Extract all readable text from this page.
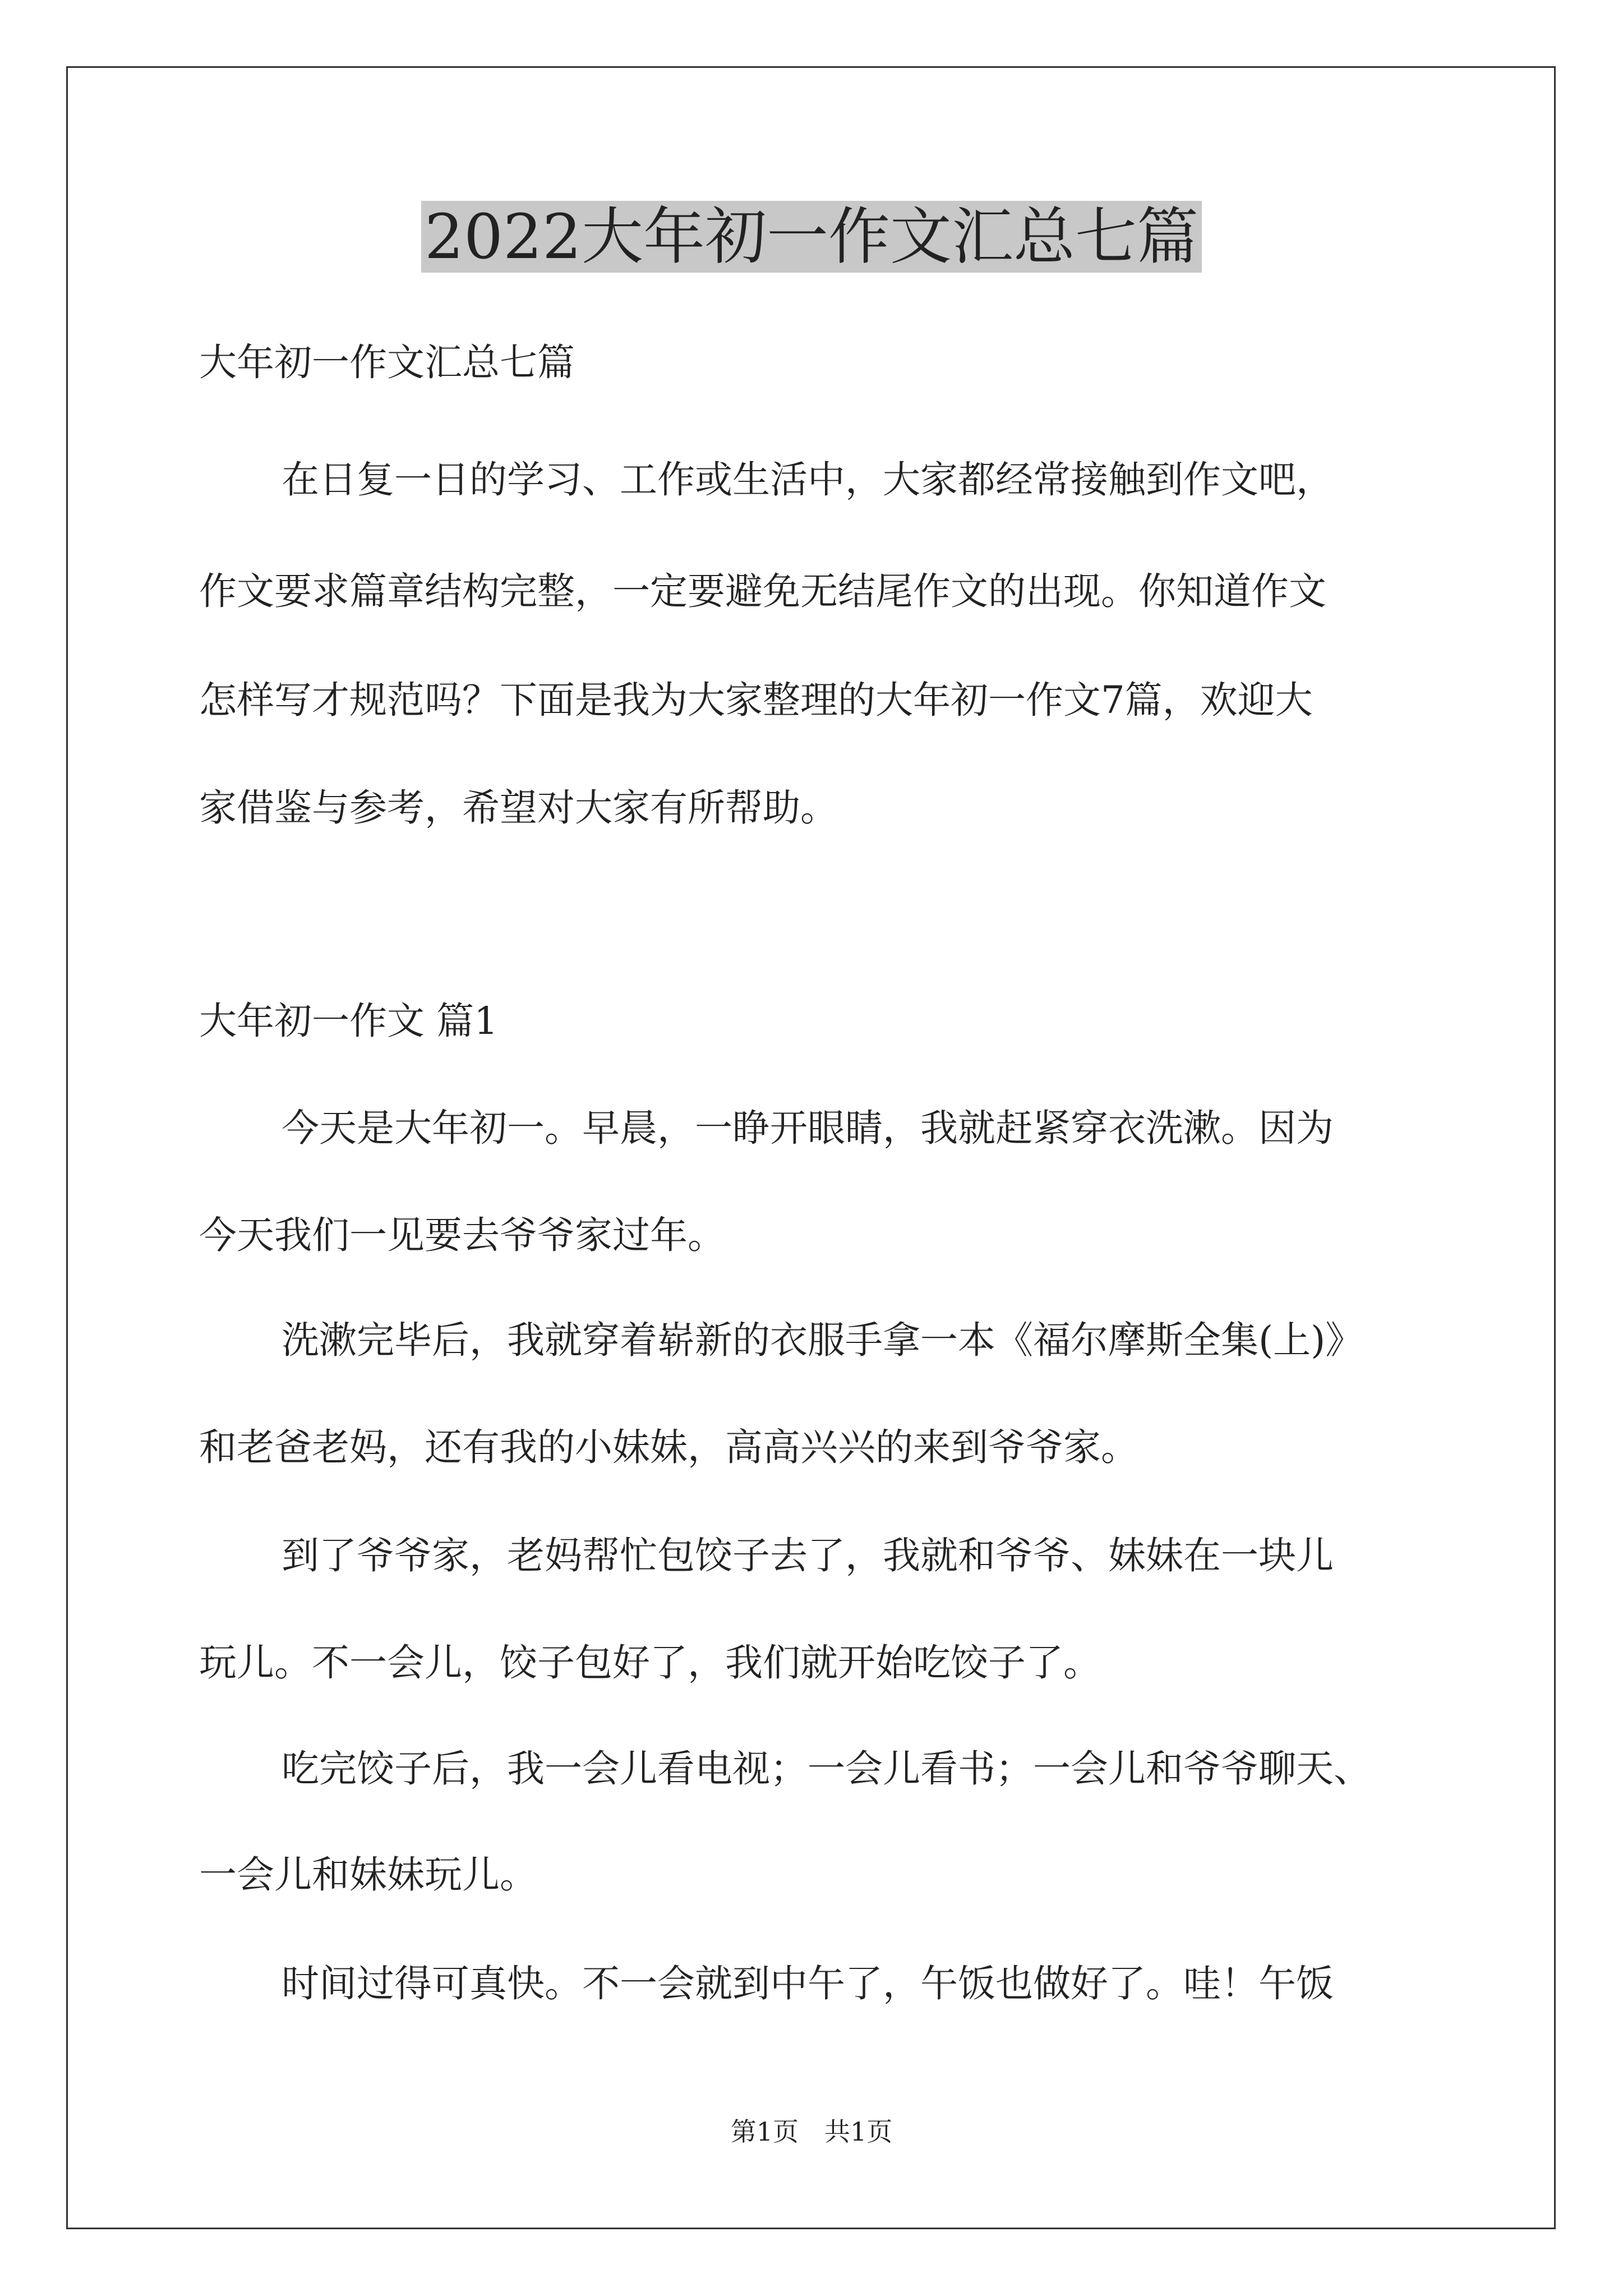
2022大年初一作文汇总七篇
大年初一作文汇总七篇
在日复一日的学习、工作或生活中，大家都经常接触到作文吧，
作文要求篇章结构完整，一定要避免无结尾作文的出现。你知道作文
怎样写才规范吗？下面是我为大家整理的大年初一作文7篇，欢迎大
家借鉴与参考，希望对大家有所帮助。
大年初一作文 篇1
今天是大年初一。早晨，一睁开眼睛，我就赶紧穿衣洗漱。因为
今天我们一见要去爷爷家过年。
洗漱完毕后，我就穿着崭新的衣服手拿一本《福尔摩斯全集(上)》
和老爸老妈，还有我的小妹妹，高高兴兴的来到爷爷家。
到了爷爷家，老妈帮忙包饺子去了，我就和爷爷、妹妹在一块儿
玩儿。不一会儿，饺子包好了，我们就开始吃饺子了。
吃完饺子后，我一会儿看电视；一会儿看书；一会儿和爷爷聊天、
一会儿和妹妹玩儿。
时间过得可真快。不一会就到中午了，午饭也做好了。哇！午饭
第1页 共1页
